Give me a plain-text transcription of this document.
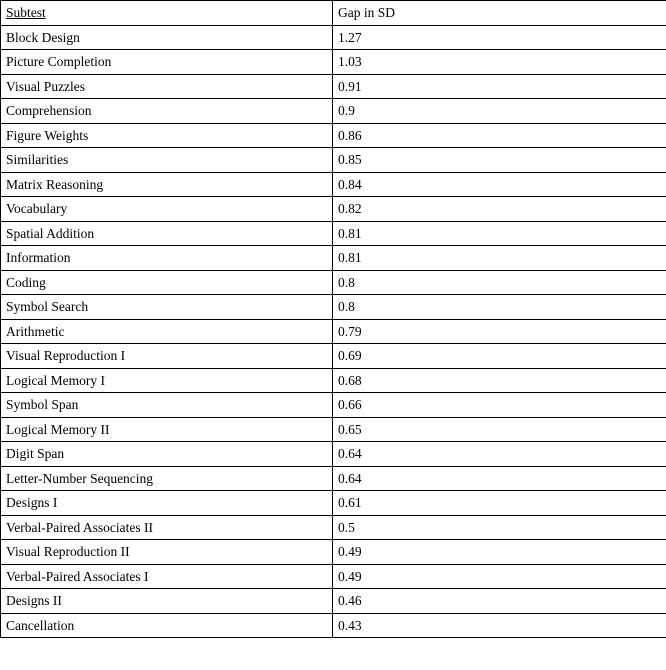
Subtest	Gap in SD
Block Design	1.27
Picture Completion	1.03
Visual Puzzles	0.91
Comprehension	0.9
Figure Weights	0.86
Similarities	0.85
Matrix Reasoning	0.84
Vocabulary	0.82
Spatial Addition	0.81
Information	0.81
Coding	0.8
Symbol Search	0.8
Arithmetic	0.79
Visual Reproduction I	0.69
Logical Memory I	0.68
Symbol Span	0.66
Logical Memory II	0.65
Digit Span	0.64
Letter-Number Sequencing	0.64
Designs I	0.61
Verbal-Paired Associates II	0.5
Visual Reproduction II	0.49
Verbal-Paired Associates I	0.49
Designs II	0.46
Cancellation	0.43
